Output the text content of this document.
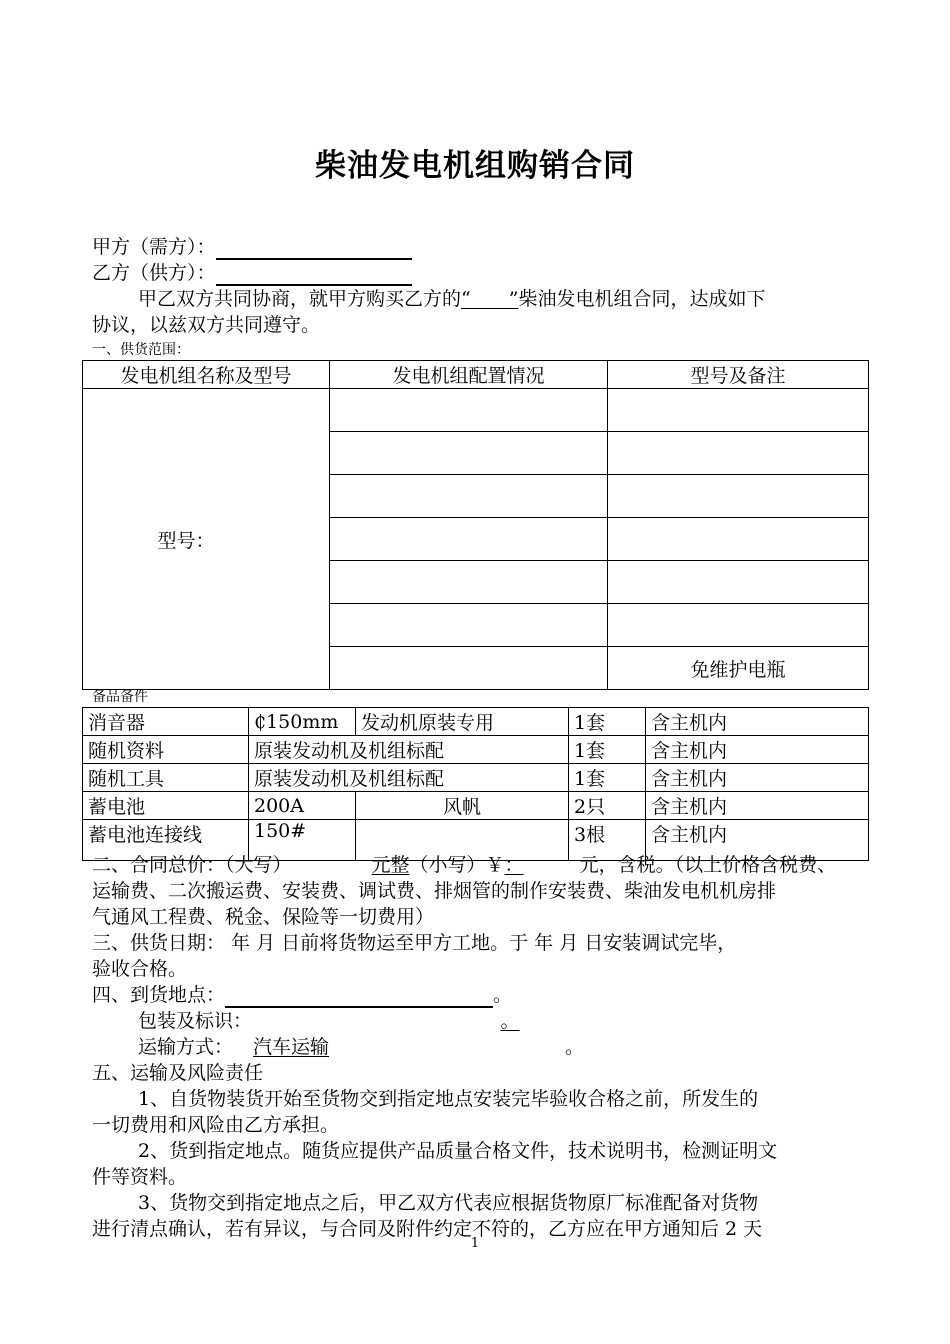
柴油发电机组购销合同
甲方（需方）：
乙方（供方）：
甲乙双方共同协商，就甲方购买乙方的“　　”柴油发电机组合同，达成如下
协议，以兹双方共同遵守。
一、供货范围：
发电机组名称及型号	发电机组配置情况	型号及备注
型号：		

		免维护电瓶
备品备件
消音器	₵150mm	发动机原装专用	1套	含主机内
随机资料	原装发动机及机组标配		1套	含主机内
随机工具	原装发动机及机组标配		1套	含主机内
蓄电池	200A	风帆	2只	含主机内
蓄电池连接线	150#		3根	含主机内
二、合同总价：（大写）	元整（小写）￥：	元，含税。（以上价格含税费、
运输费、二次搬运费、安装费、调试费、排烟管的制作安装费、柴油发电机机房排
气通风工程费、税金、保险等一切费用）
三、供货日期： 年 月 日前将货物运至甲方工地。于 年 月 日安装调试完毕，
验收合格。
四、到货地点：	。
包装及标识：	。
运输方式： 汽车运输	。
五、运输及风险责任
1、自货物装货开始至货物交到指定地点安装完毕验收合格之前，所发生的
一切费用和风险由乙方承担。
2、货到指定地点。随货应提供产品质量合格文件，技术说明书，检测证明文
件等资料。
3、货物交到指定地点之后，甲乙双方代表应根据货物原厂标准配备对货物
进行清点确认，若有异议，与合同及附件约定不符的，乙方应在甲方通知后 2 天
1
